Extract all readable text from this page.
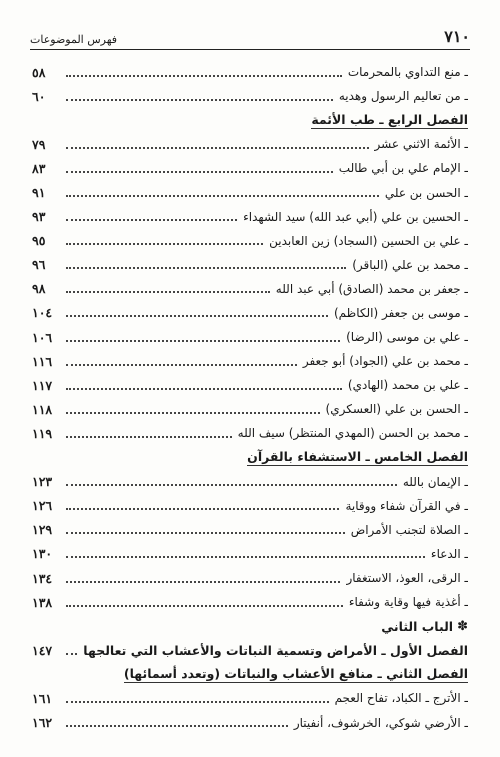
٧١٠
فهرس الموضوعات
ـ منع التداوي بالمحرمات
٥٨
ـ من تعاليم الرسول وهديه
٦٠
الفصل الرابع ـ طب الأئمة
ـ الأئمة الاثني عشر
٧٩
ـ الإمام علي بن أبي طالب
٨٣
ـ الحسن بن علي
٩١
ـ الحسين بن علي (أبي عبد الله) سيد الشهداء
٩٣
ـ علي بن الحسين (السجاد) زين العابدين
٩٥
ـ محمد بن علي (الباقر)
٩٦
ـ جعفر بن محمد (الصادق) أبي عبد الله
٩٨
ـ موسى بن جعفر (الكاظم)
١٠٤
ـ علي بن موسى (الرضا)
١٠٦
ـ محمد بن علي (الجواد) أبو جعفر
١١٦
ـ علي بن محمد (الهادي)
١١٧
ـ الحسن بن علي (العسكري)
١١٨
ـ محمد بن الحسن (المهدي المنتظر) سيف الله
١١٩
الفصل الخامس ـ الاستشفاء بالقرآن
ـ الإيمان بالله
١٢٣
ـ في القرآن شفاء ووقاية
١٢٦
ـ الصلاة لتجنب الأمراض
١٢٩
ـ الدعاء
١٣٠
ـ الرقى، العوذ، الاستغفار
١٣٤
ـ أغذية فيها وقاية وشفاء
١٣٨
✽
الباب الثاني
الفصل الأول ـ الأمراض وتسمية النباتات والأعشاب التي تعالجها
١٤٧
الفصل الثاني ـ منافع الأعشاب والنباتات (وتعدد أسمائها)
ـ الأترج ـ الكباد، تفاح العجم
١٦١
ـ الأرضي شوكي، الخرشوف، أنفيتار
١٦٢
